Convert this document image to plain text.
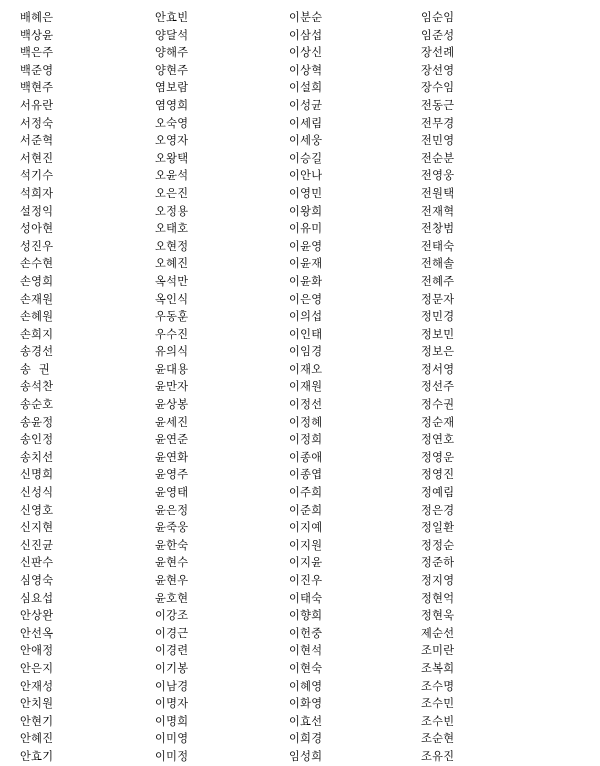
배혜은	안효빈	이분순	임순임
백상윤	양달석	이삼섭	임준성
백은주	양해주	이상신	장선례
백준영	양현주	이상혁	장선영
백현주	염보람	이설희	장수임
서유란	염영희	이성균	전동근
서정숙	오숙영	이세림	전무경
서준혁	오영자	이세웅	전민영
서현진	오왕택	이승길	전순분
석기수	오윤석	이안나	전영웅
석희자	오은진	이영민	전원택
설정익	오정용	이왕희	전재혁
성아현	오태호	이유미	전창범
성진우	오현정	이윤영	전태숙
손수현	오혜진	이윤재	전해솔
손영희	옥석만	이윤화	전혜주
손재원	옥인식	이은영	정문자
손혜원	우동훈	이의섭	정민경
손희지	우수진	이인태	정보민
송경선	유의식	이임경	정보은
송  권	윤대용	이재오	정서영
송석찬	윤만자	이재원	정선주
송순호	윤상봉	이정선	정수권
송윤정	윤세진	이정혜	정순재
송인정	윤연준	이정희	정연호
송치선	윤연화	이종애	정영운
신명희	윤영주	이종엽	정영진
신성식	윤영태	이주희	정예림
신영호	윤은정	이준희	정은경
신지현	윤죽웅	이지예	정일환
신진균	윤한숙	이지원	정정순
신판수	윤현수	이지윤	정준하
심영숙	윤현우	이진우	정지영
심요섭	윤호현	이태숙	정현억
안상완	이강조	이향희	정현욱
안선옥	이경근	이헌중	제순선
안애정	이경련	이현석	조미란
안은지	이기봉	이현숙	조복희
안재성	이남경	이혜영	조수명
안치원	이명자	이화영	조수민
안현기	이명희	이효선	조수빈
안혜진	이미영	이희경	조순현
안효기	이미정	임성희	조유진
